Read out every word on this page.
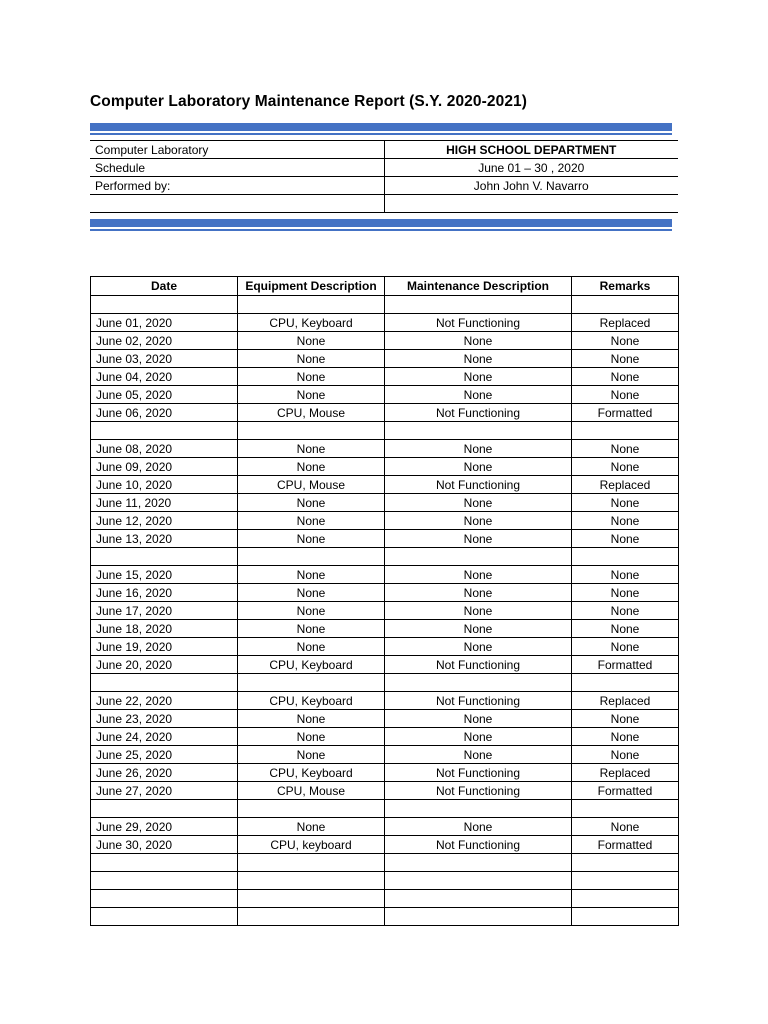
Computer Laboratory Maintenance Report (S.Y. 2020-2021)
Computer Laboratory	HIGH SCHOOL DEPARTMENT
Schedule	June 01 – 30 , 2020
Performed by:	John John V. Navarro

Date	Equipment Description	Maintenance Description	Remarks

June 01, 2020	CPU, Keyboard	Not Functioning	Replaced
June 02, 2020	None	None	None
June 03, 2020	None	None	None
June 04, 2020	None	None	None
June 05, 2020	None	None	None
June 06, 2020	CPU, Mouse	Not Functioning	Formatted

June 08, 2020	None	None	None
June 09, 2020	None	None	None
June 10, 2020	CPU, Mouse	Not Functioning	Replaced
June 11, 2020	None	None	None
June 12, 2020	None	None	None
June 13, 2020	None	None	None

June 15, 2020	None	None	None
June 16, 2020	None	None	None
June 17, 2020	None	None	None
June 18, 2020	None	None	None
June 19, 2020	None	None	None
June 20, 2020	CPU, Keyboard	Not Functioning	Formatted

June 22, 2020	CPU, Keyboard	Not Functioning	Replaced
June 23, 2020	None	None	None
June 24, 2020	None	None	None
June 25, 2020	None	None	None
June 26, 2020	CPU, Keyboard	Not Functioning	Replaced
June 27, 2020	CPU, Mouse	Not Functioning	Formatted

June 29, 2020	None	None	None
June 30, 2020	CPU, keyboard	Not Functioning	Formatted
